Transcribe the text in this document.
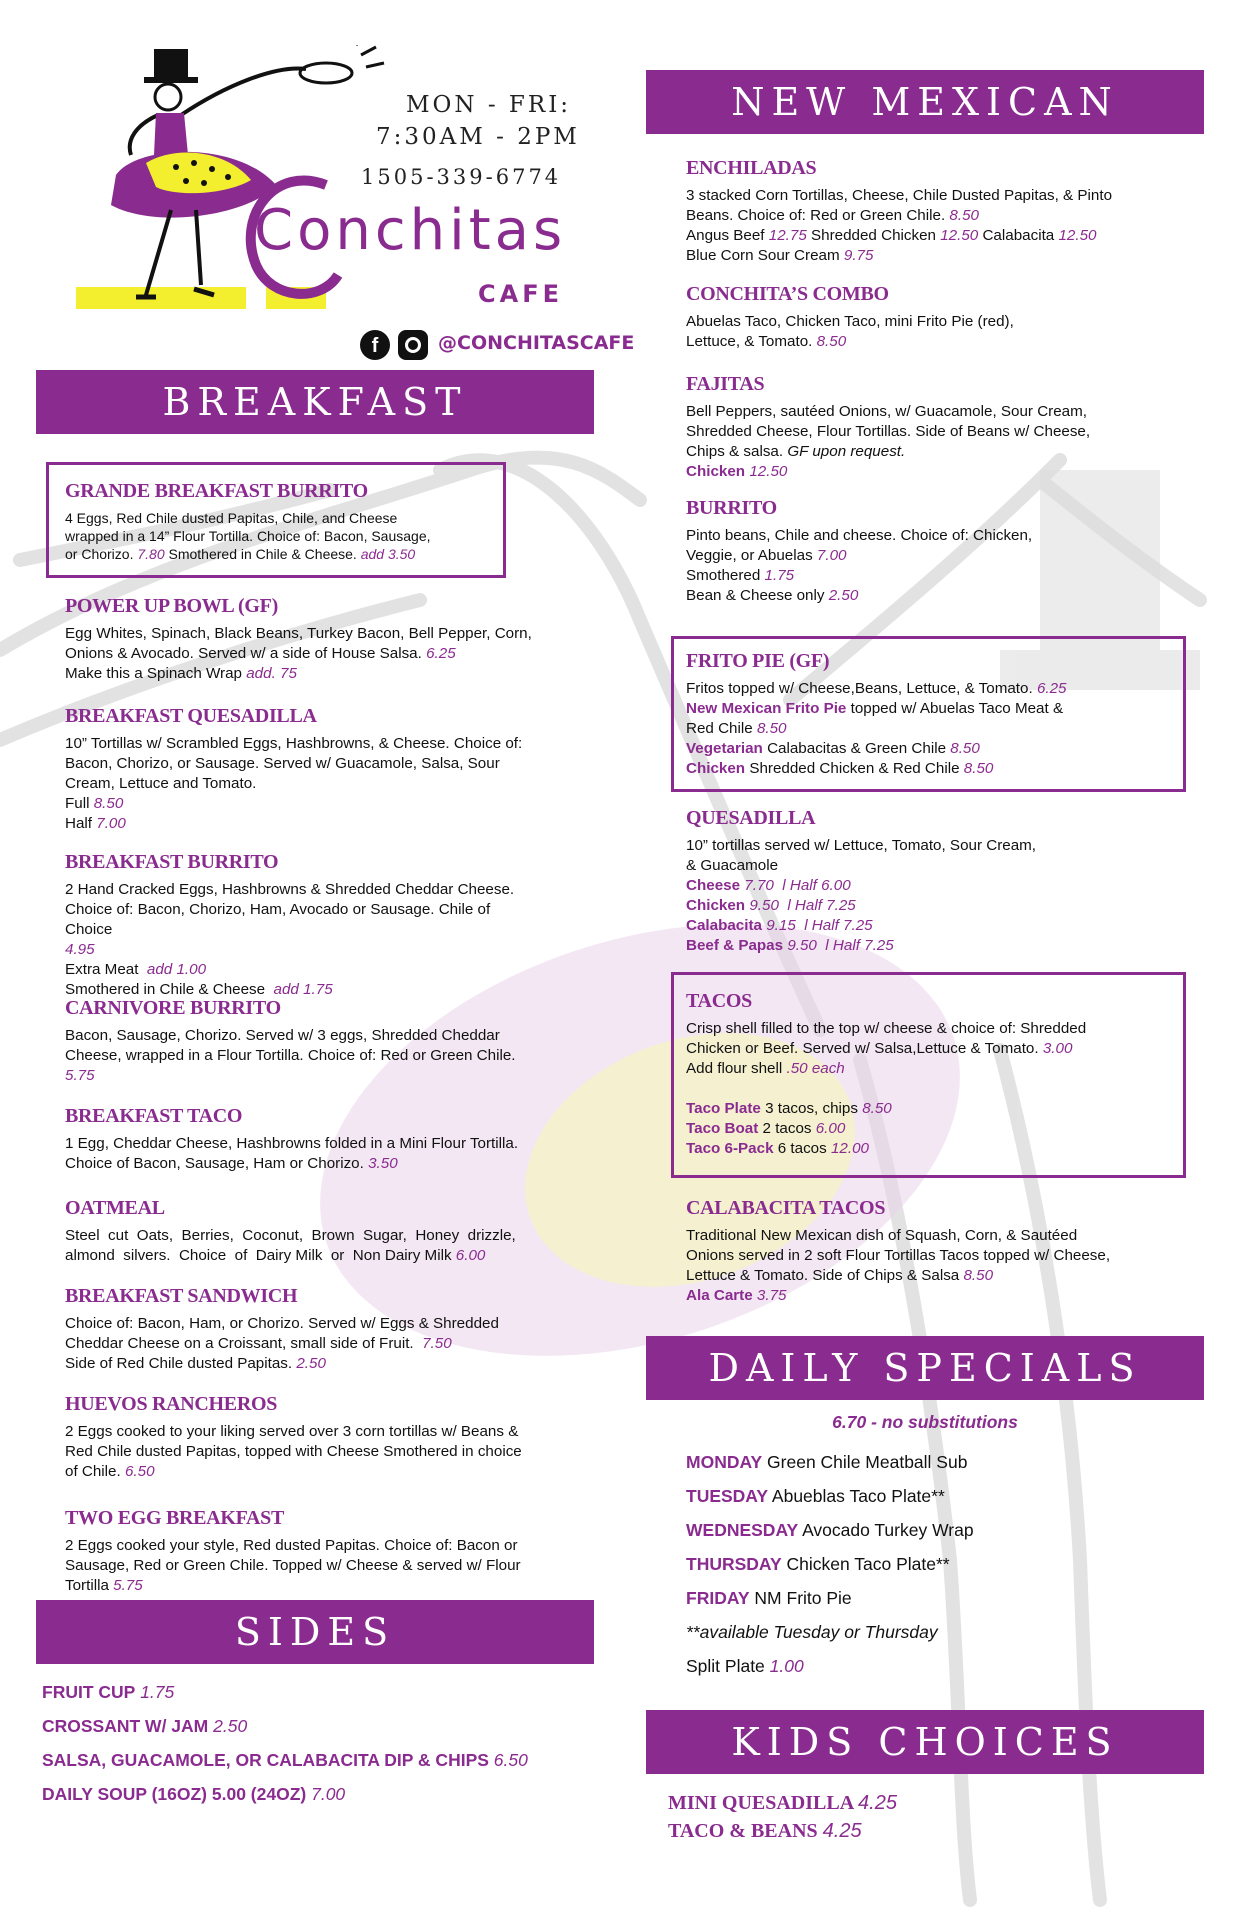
Conchitas
CAFE
MON - FRI:
7:30AM - 2PM
1505-339-6774
f	@CONCHITASCAFE
BREAKFAST
GRANDE BREAKFAST BURRITO

4 Eggs, Red Chile dusted Papitas, Chile, and Cheese

wrapped in a 14” Flour Tortilla. Choice of: Bacon, Sausage,

or Chorizo. 7.80 Smothered in Chile & Cheese. add 3.50

POWER UP BOWL (GF)

Egg Whites, Spinach, Black Beans, Turkey Bacon, Bell Pepper, Corn,

Onions & Avocado. Served w/ a side of House Salsa. 6.25

Make this a Spinach Wrap add. 75

BREAKFAST QUESADILLA

10” Tortillas w/ Scrambled Eggs, Hashbrowns, & Cheese. Choice of:

Bacon, Chorizo, or Sausage. Served w/ Guacamole, Salsa, Sour

Cream, Lettuce and Tomato.

Full 8.50

Half 7.00

BREAKFAST BURRITO

2 Hand Cracked Eggs, Hashbrowns & Shredded Cheddar Cheese.

Choice of: Bacon, Chorizo, Ham, Avocado or Sausage. Chile of

Choice

4.95

Extra Meat add 1.00

Smothered in Chile & Cheese add 1.75

CARNIVORE BURRITO

Bacon, Sausage, Chorizo. Served w/ 3 eggs, Shredded Cheddar

Cheese, wrapped in a Flour Tortilla. Choice of: Red or Green Chile.

5.75

BREAKFAST TACO

1 Egg, Cheddar Cheese, Hashbrowns folded in a Mini Flour Tortilla.

Choice of Bacon, Sausage, Ham or Chorizo. 3.50

OATMEAL

Steel  cut  Oats,  Berries,  Coconut,  Brown  Sugar,  Honey  drizzle,

almond  silvers.  Choice  of  Dairy Milk  or  Non Dairy Milk 6.00

BREAKFAST SANDWICH

Choice of: Bacon, Ham, or Chorizo. Served w/ Eggs & Shredded

Cheddar Cheese on a Croissant, small side of Fruit. 7.50

Side of Red Chile dusted Papitas. 2.50

HUEVOS RANCHEROS

2 Eggs cooked to your liking served over 3 corn tortillas w/ Beans &

Red Chile dusted Papitas, topped with Cheese Smothered in choice

of Chile. 6.50

TWO EGG BREAKFAST

2 Eggs cooked your style, Red dusted Papitas. Choice of: Bacon or

Sausage, Red or Green Chile. Topped w/ Cheese & served w/ Flour

Tortilla 5.75

SIDES
FRUIT CUP 1.75
CROSSANT W/ JAM 2.50
SALSA, GUACAMOLE, OR CALABACITA DIP & CHIPS 6.50
DAILY SOUP (16OZ) 5.00 (24OZ) 7.00
NEW MEXICAN
ENCHILADAS

3 stacked Corn Tortillas, Cheese, Chile Dusted Papitas, & Pinto

Beans. Choice of: Red or Green Chile. 8.50

Angus Beef 12.75 Shredded Chicken 12.50 Calabacita 12.50

Blue Corn Sour Cream 9.75

CONCHITA’S COMBO

Abuelas Taco, Chicken Taco, mini Frito Pie (red),

Lettuce, & Tomato. 8.50

FAJITAS

Bell Peppers, sautéed Onions, w/ Guacamole, Sour Cream,

Shredded Cheese, Flour Tortillas. Side of Beans w/ Cheese,

Chips & salsa. GF upon request.

Chicken 12.50

BURRITO

Pinto beans, Chile and cheese. Choice of: Chicken,

Veggie, or Abuelas 7.00

Smothered 1.75

Bean & Cheese only 2.50

FRITO PIE (GF)

Fritos topped w/ Cheese,Beans, Lettuce, & Tomato. 6.25

New Mexican Frito Pie topped w/ Abuelas Taco Meat &

Red Chile 8.50

Vegetarian Calabacitas & Green Chile 8.50

Chicken Shredded Chicken & Red Chile 8.50

QUESADILLA

10” tortillas served w/ Lettuce, Tomato, Sour Cream,

& Guacamole

Cheese 7.70  l Half 6.00

Chicken 9.50  l Half 7.25

Calabacita 9.15  l Half 7.25

Beef & Papas 9.50  l Half 7.25

TACOS

Crisp shell filled to the top w/ cheese & choice of: Shredded

Chicken or Beef. Served w/ Salsa,Lettuce & Tomato. 3.00

Add flour shell .50 each

Taco Plate 3 tacos, chips 8.50

Taco Boat 2 tacos 6.00

Taco 6-Pack 6 tacos 12.00

CALABACITA TACOS

Traditional New Mexican dish of Squash, Corn, & Sautéed

Onions served in 2 soft Flour Tortillas Tacos topped w/ Cheese,

Lettuce & Tomato. Side of Chips & Salsa 8.50

Ala Carte 3.75

DAILY SPECIALS
6.70 - no substitutions
MONDAY Green Chile Meatball Sub
TUESDAY Abueblas Taco Plate**
WEDNESDAY Avocado Turkey Wrap
THURSDAY Chicken Taco Plate**
FRIDAY NM Frito Pie
**available Tuesday or Thursday
Split Plate 1.00
KIDS CHOICES
MINI QUESADILLA 4.25
TACO & BEANS 4.25
